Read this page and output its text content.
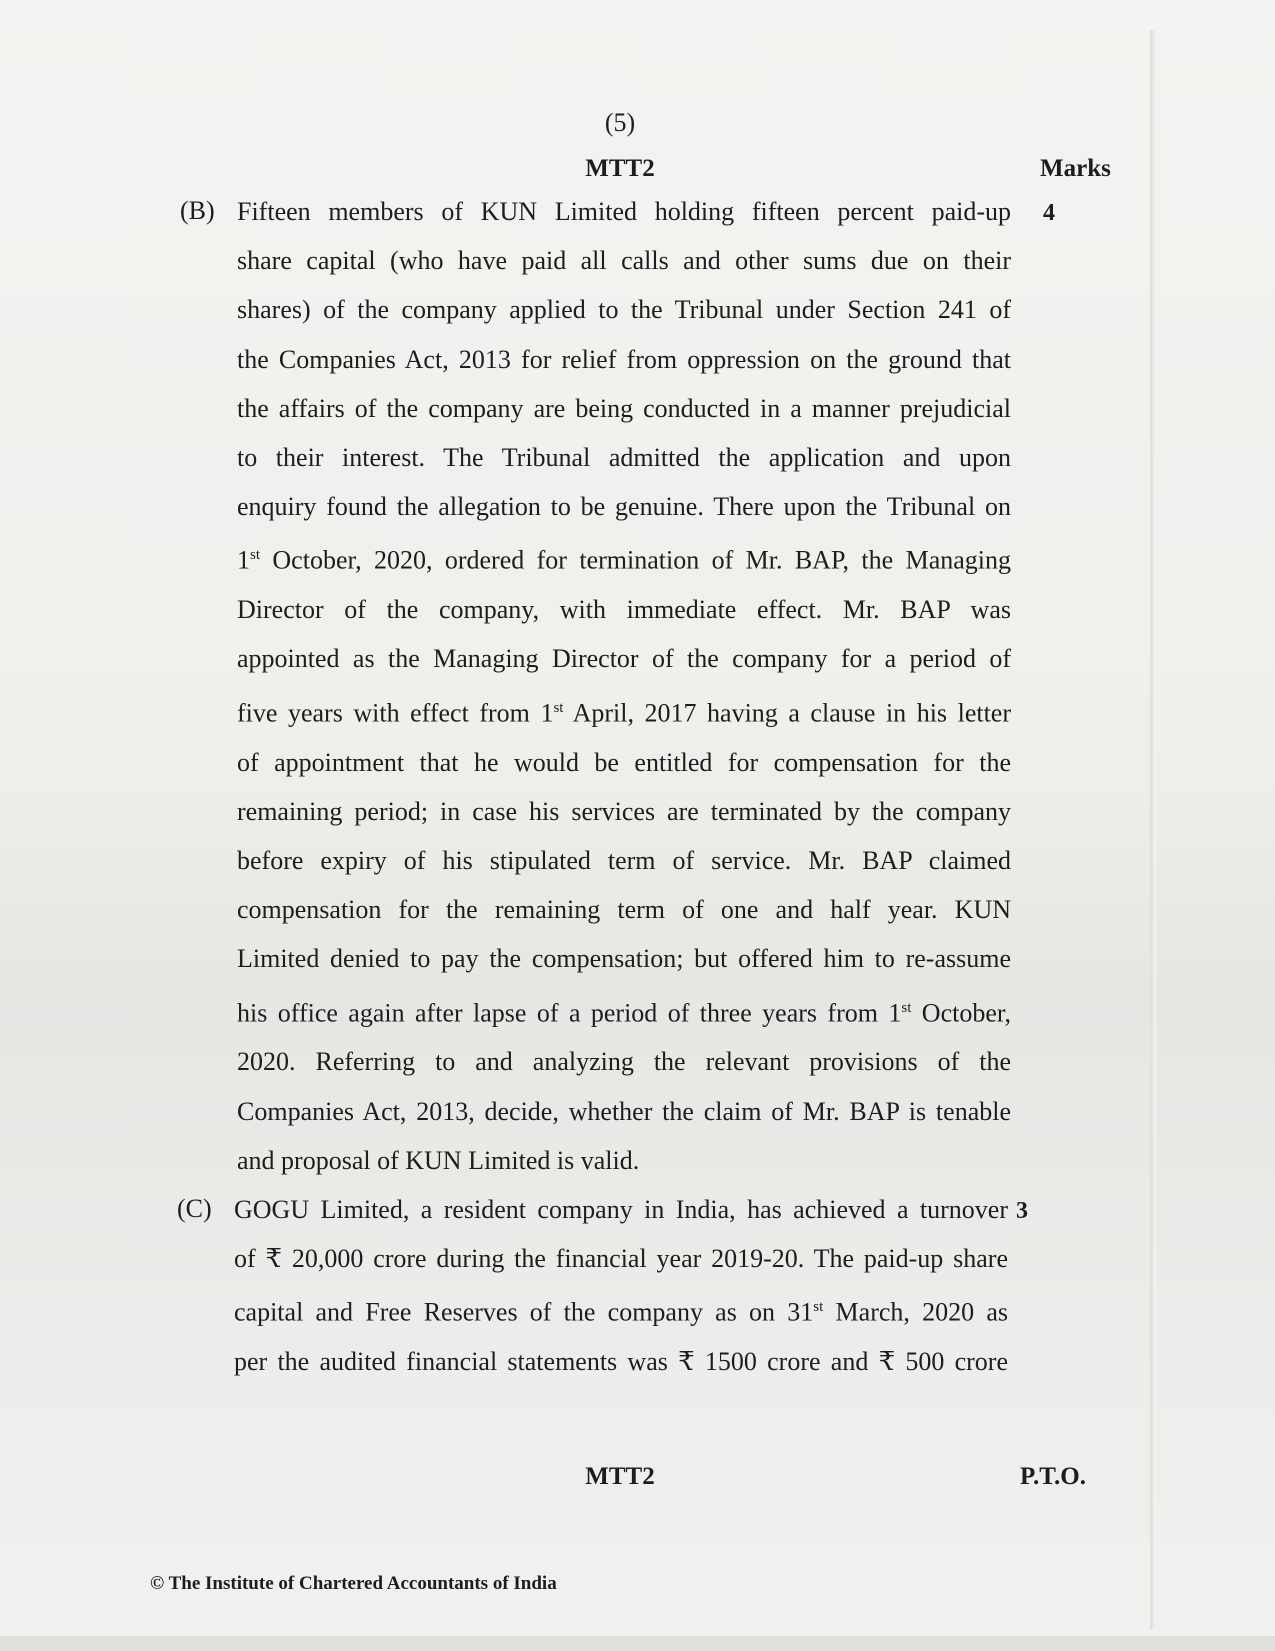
(5)
MTT2	Marks
(B)	4
Fifteen members of KUN Limited holding fifteen percent paid-up
share capital (who have paid all calls and other sums due on their
shares) of the company applied to the Tribunal under Section 241 of
the Companies Act, 2013 for relief from oppression on the ground that
the affairs of the company are being conducted in a manner prejudicial
to their interest. The Tribunal admitted the application and upon
enquiry found the allegation to be genuine. There upon the Tribunal on
1st October, 2020, ordered for termination of Mr. BAP, the Managing
Director of the company, with immediate effect. Mr. BAP was
appointed as the Managing Director of the company for a period of
five years with effect from 1st April, 2017 having a clause in his letter
of appointment that he would be entitled for compensation for the
remaining period; in case his services are terminated by the company
before expiry of his stipulated term of service. Mr. BAP claimed
compensation for the remaining term of one and half year. KUN
Limited denied to pay the compensation; but offered him to re-assume
his office again after lapse of a period of three years from 1st October,
2020. Referring to and analyzing the relevant provisions of the
Companies Act, 2013, decide, whether the claim of Mr. BAP is tenable
and proposal of KUN Limited is valid.
(C)	3
GOGU Limited, a resident company in India, has achieved a turnover
of ₹ 20,000 crore during the financial year 2019-20. The paid-up share
capital and Free Reserves of the company as on 31st March, 2020 as
per the audited financial statements was ₹ 1500 crore and ₹ 500 crore
MTT2	P.T.O.
© The Institute of Chartered Accountants of India
